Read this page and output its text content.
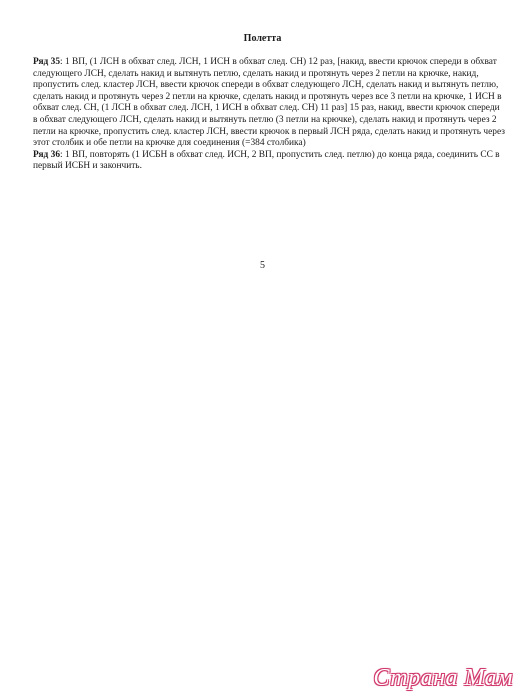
Полетта

Ряд 35: 1 ВП, (1 ЛСН в обхват след. ЛСН, 1 ИСН в обхват след. СН) 12 раз, [накид, ввести крючок спереди в обхват следующего ЛСН, сделать накид и вытянуть петлю, сделать накид и протянуть через 2 петли на крючке, накид, пропустить след. кластер ЛСН, ввести крючок спереди в обхват следующего ЛСН, сделать накид и вытянуть петлю, сделать накид и протянуть через 2 петли на крючке, сделать накид и протянуть через все 3 петли на крючке, 1 ИСН в обхват след. СН, (1 ЛСН в обхват след. ЛСН, 1 ИСН в обхват след. СН) 11 раз] 15 раз, накид, ввести крючок спереди в обхват следующего ЛСН, сделать накид и вытянуть петлю (3 петли на крючке), сделать накид и протянуть через 2 петли на крючке, пропустить след. кластер ЛСН, ввести крючок в первый ЛСН ряда, сделать накид и протянуть через этот столбик и обе петли на крючке для соединения (=384 столбика)

Ряд 36: 1 ВП, повторять (1 ИСБН в обхват след. ИСН, 2 ВП, пропустить след. петлю) до конца ряда, соединить СС в первый ИСБН и закончить.

5
Страна Мам
